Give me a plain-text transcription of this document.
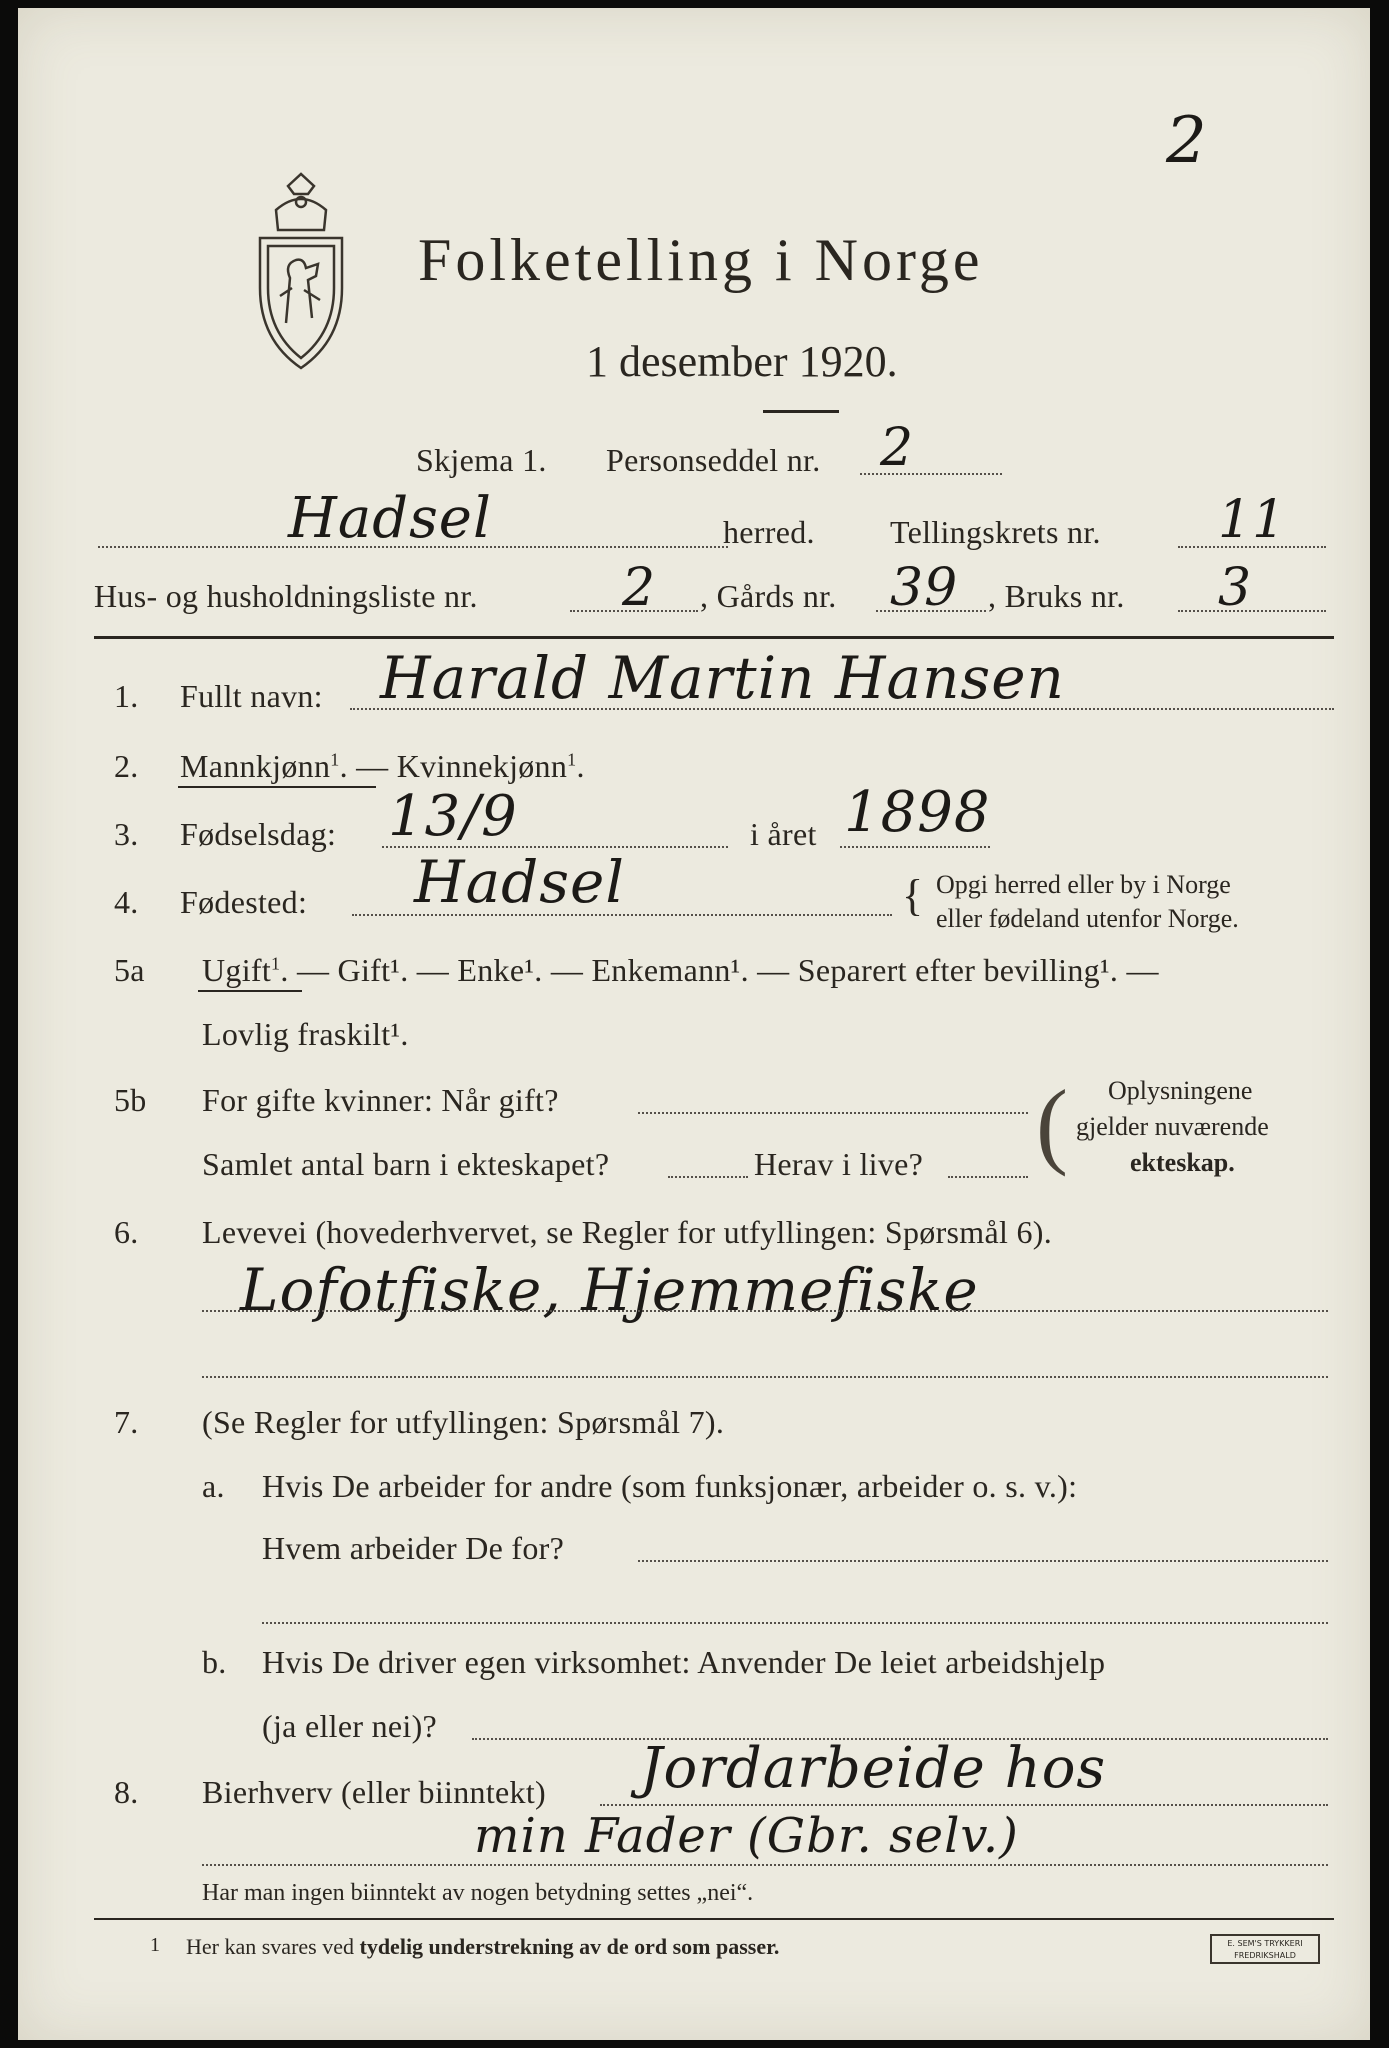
2
Folketelling i Norge
1 desember 1920.
Skjema 1. Personseddel nr. 2
Hadsel	herred. Tellingskrets nr. 11
Hus- og husholdningsliste nr.	2 , Gårds nr. 39 , Bruks nr. 3
1. Fullt navn: Harald Martin Hansen
2. Mannkjønn$^1$. — Kvinnekjønn$^1$.
3. Fødselsdag: 13/9	i året 1898
4. Fødested: Hadsel	{ Opgi herred eller by i Norge
eller fødeland utenfor Norge.
5a Ugift$^1$. — Gift¹. — Enke¹. — Enkemann¹. — Separert efter bevilling¹. —
Lovlig fraskilt¹.
5b For gifte kvinner: Når gift?
Samlet antal barn i ekteskapet?	Herav i live? ( Oplysningene
gjelder nuværende
ekteskap.
6. Levevei (hovederhvervet, se Regler for utfyllingen: Spørsmål 6).
Lofotfiske, Hjemmefiske
7. (Se Regler for utfyllingen: Spørsmål 7).
a. Hvis De arbeider for andre (som funksjonær, arbeider o. s. v.):
Hvem arbeider De for?
b. Hvis De driver egen virksomhet: Anvender De leiet arbeidshjelp
(ja eller nei)?
8. Bierhverv (eller biinntekt) Jordarbeide hos
min Fader (Gbr. selv.)
Har man ingen biinntekt av nogen betydning settes „nei“.
1 Her kan svares ved tydelig understrekning av de ord som passer.	E. SEM'S TRYKKERI
FREDRIKSHALD
